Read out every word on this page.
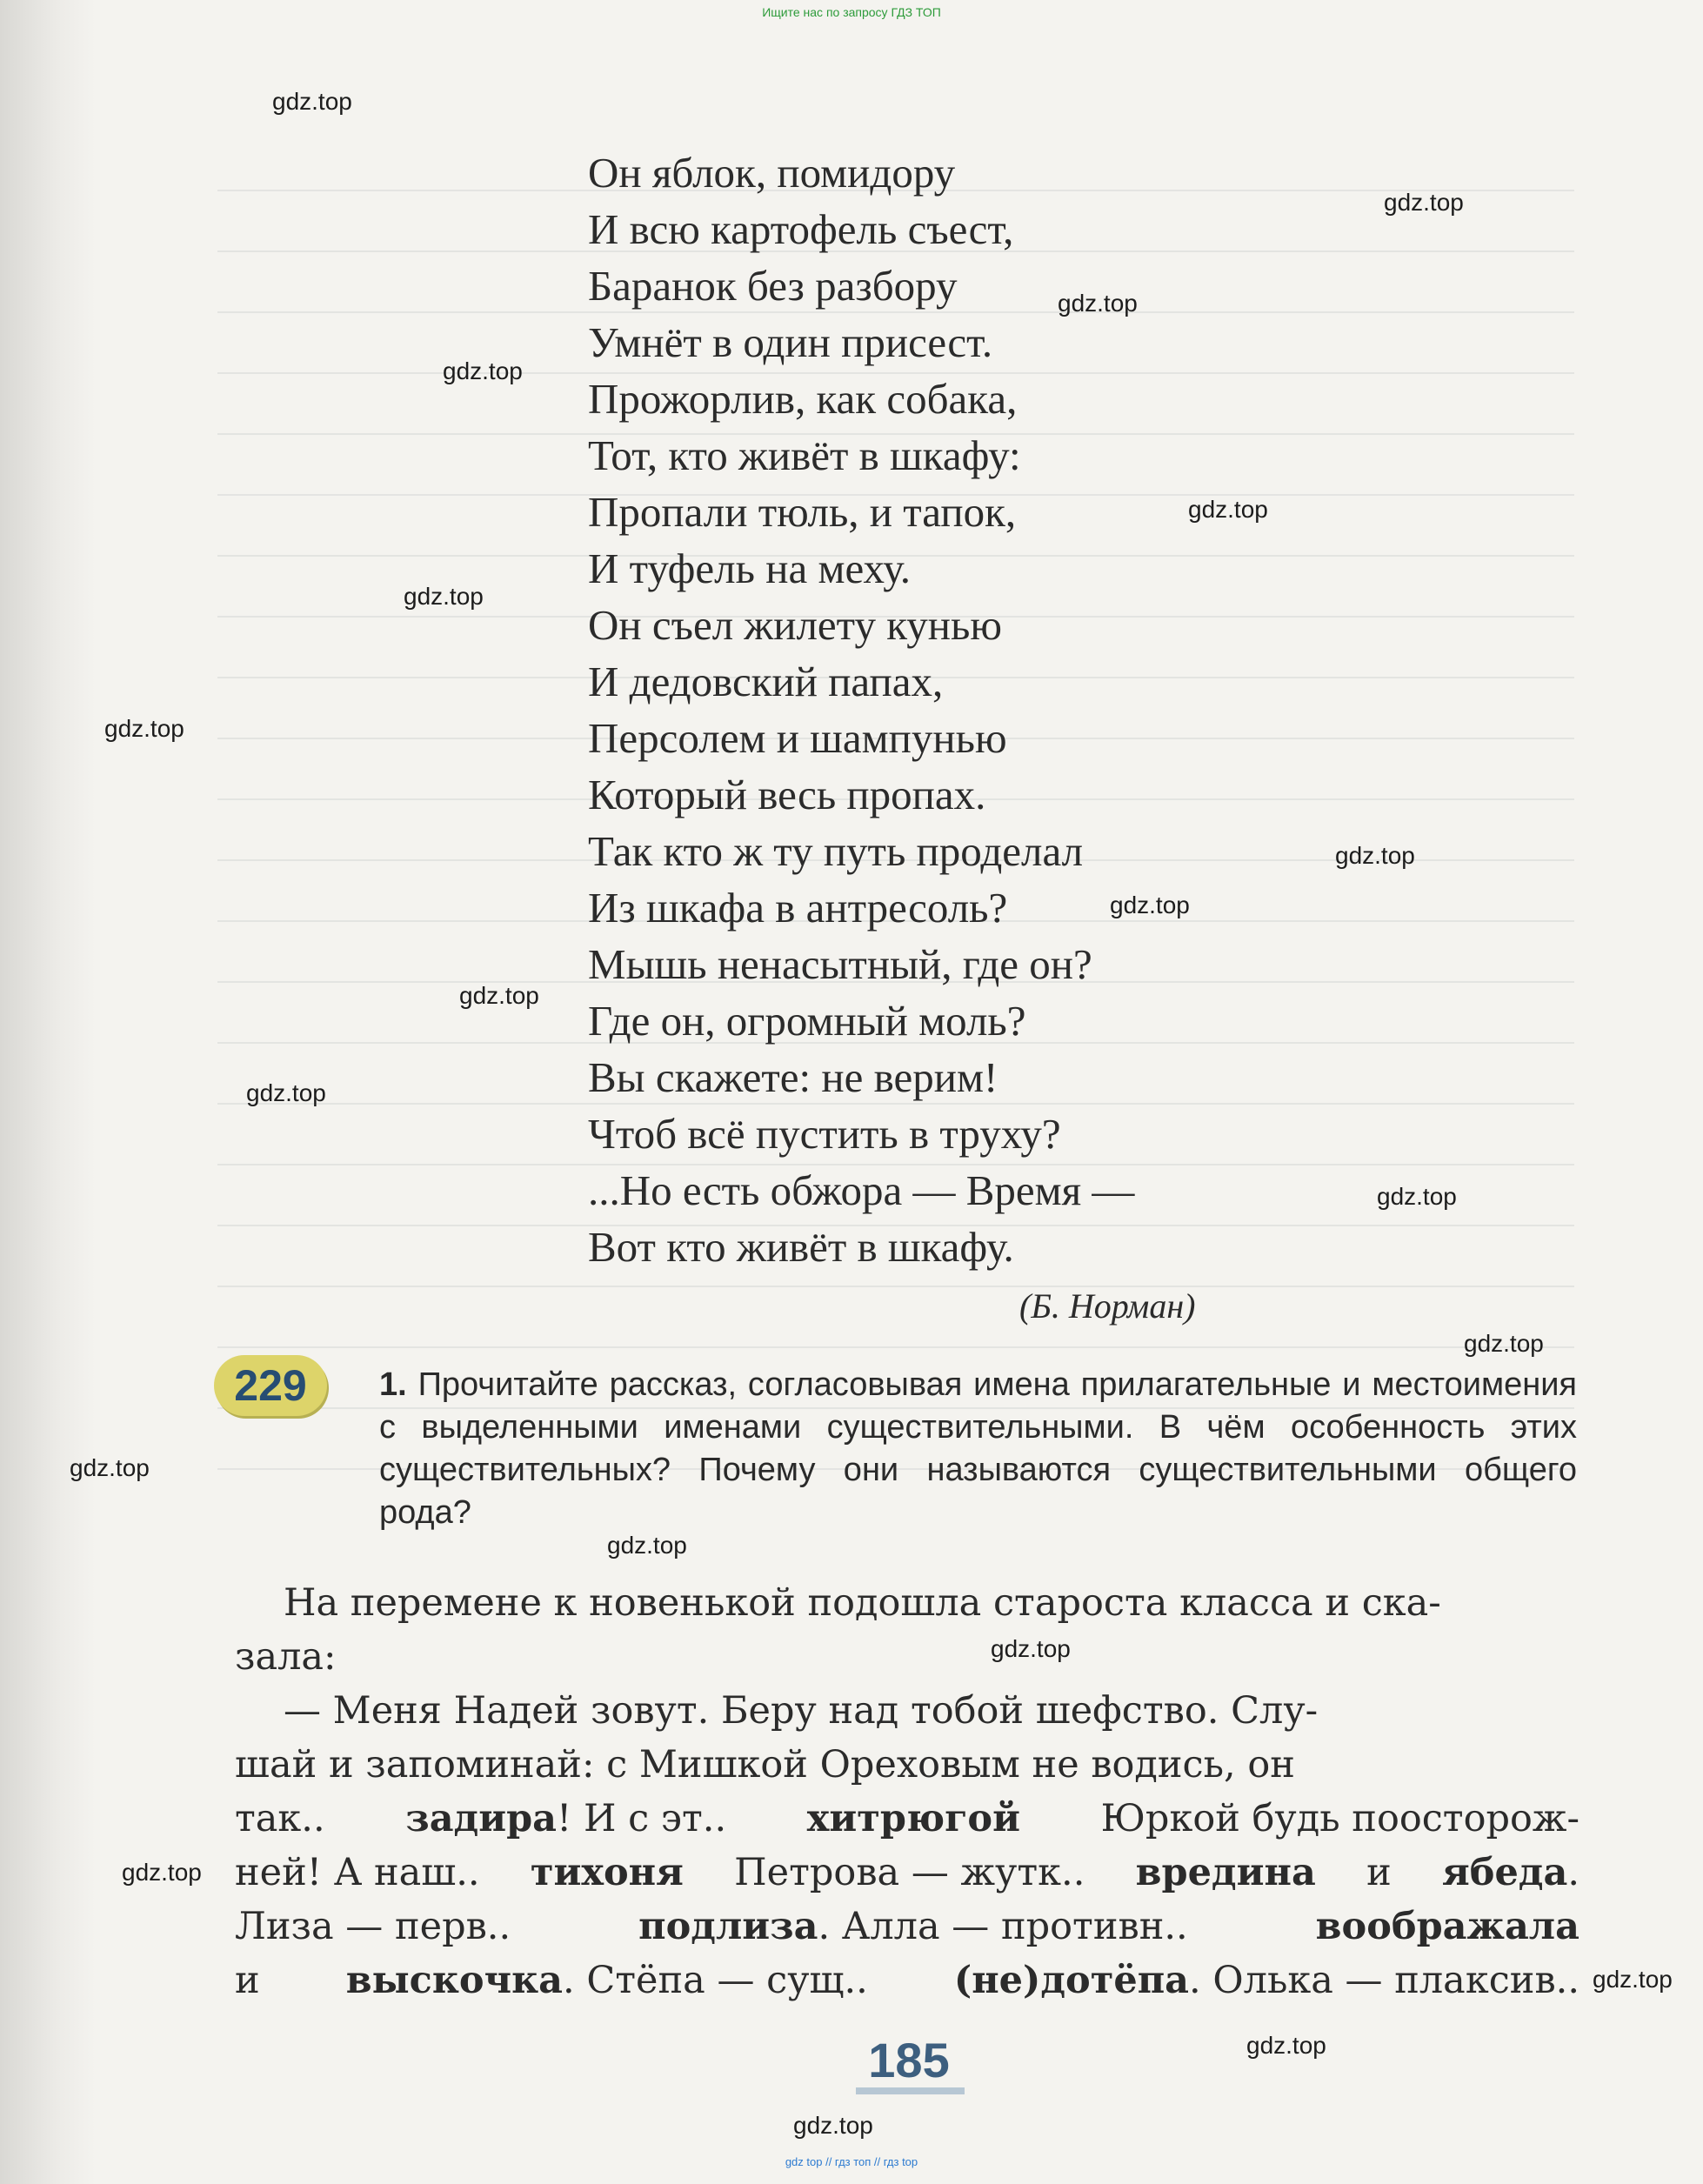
Ищите нас по запросу ГДЗ ТОП
Он яблок, помидору
И всю картофель съест,
Баранок без разбору
Умнёт в один присест.
Прожорлив, как собака,
Тот, кто живёт в шкафу:
Пропали тюль, и тапок,
И туфель на меху.
Он съел жилету кунью
И дедовский папах,
Персолем и шампунью
Который весь пропах.
Так кто ж ту путь проделал
Из шкафа в антресоль?
Мышь ненасытный, где он?
Где он, огромный моль?
Вы скажете: не верим!
Чтоб всё пустить в труху?
...Но есть обжора — Время —
Вот кто живёт в шкафу.
(Б. Норман)
229	1. Прочитайте рассказ, согласовывая имена прилагательные и местоимения с выделенными именами существительными. В чём особенность этих существительных? Почему они называются существительными общего рода?
На перемене к новенькой подошла староста класса и ска-
зала:
— Меня Надей зовут. Беру над тобой шефство. Слу-
шай и запоминай: с Мишкой Ореховым не водись, он
так.. задира! И с эт.. хитрюгой Юркой будь поосторож-
ней! А наш.. тихоня Петрова — жутк.. вредина и ябеда.
Лиза — перв..	подлиза. Алла — противн..	воображала
и выскочка. Стёпа — сущ.. (не)дотёпа. Олька — плаксив..
185
gdz.top
gdz.top
gdz.top
gdz.top
gdz.top
gdz.top
gdz.top
gdz.top
gdz.top
gdz.top
gdz.top
gdz.top
gdz.top
gdz.top
gdz.top
gdz.top
gdz.top
gdz.top
gdz.top
gdz.top
gdz top // гдз топ // гдз top
